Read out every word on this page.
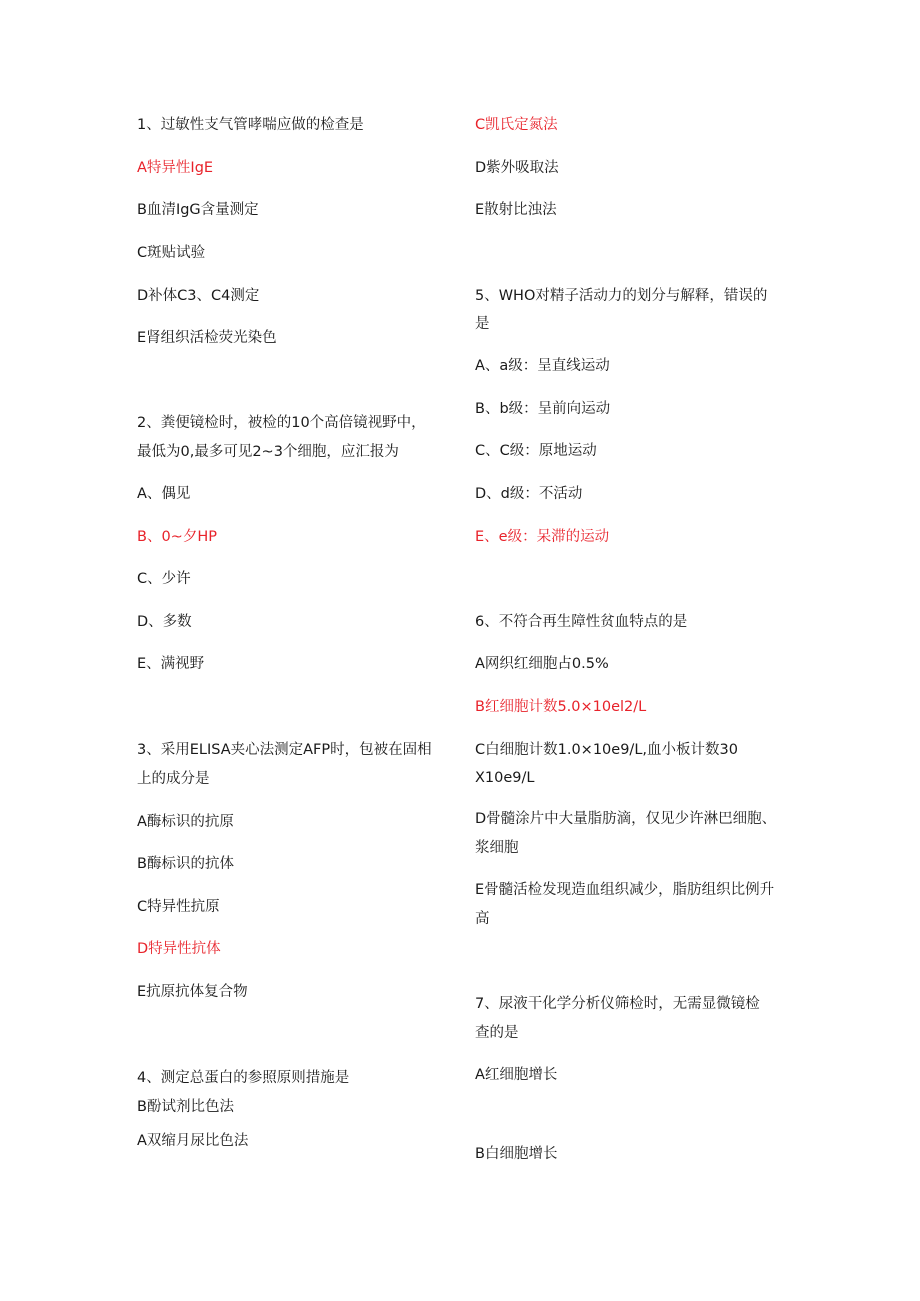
1、过敏性支气管哮喘应做的检查是
A特异性IgE
B血清IgG含量测定
C斑贴试验
D补体C3、C4测定
E肾组织活检荧光染色
2、粪便镜检时，被检的10个高倍镜视野中，
最低为0,最多可见2~3个细胞，应汇报为
A、偶见
B、0~夕HP
C、少许
D、多数
E、满视野
3、采用ELISA夹心法测定AFP时，包被在固相
上的成分是
A酶标识的抗原
B酶标识的抗体
C特异性抗原
D特异性抗体
E抗原抗体复合物
4、测定总蛋白的参照原则措施是
B酚试剂比色法
A双缩月尿比色法
C凯氏定氮法
D紫外吸取法
E散射比浊法
5、WHO对精子活动力的划分与解释，错误的
是
A、a级：呈直线运动
B、b级：呈前向运动
C、C级：原地运动
D、d级：不活动
E、e级：呆滞的运动
6、不符合再生障性贫血特点的是
A网织红细胞占0.5%
B红细胞计数5.0×10el2∕L
C白细胞计数1.0×10e9∕L,血小板计数30
X10e9∕L
D骨髓涂片中大量脂肪滴，仅见少许淋巴细胞、
浆细胞
E骨髓活检发现造血组织减少，脂肪组织比例升
高
7、尿液干化学分析仪筛检时，无需显微镜检
查的是
A红细胞增长
B白细胞增长
